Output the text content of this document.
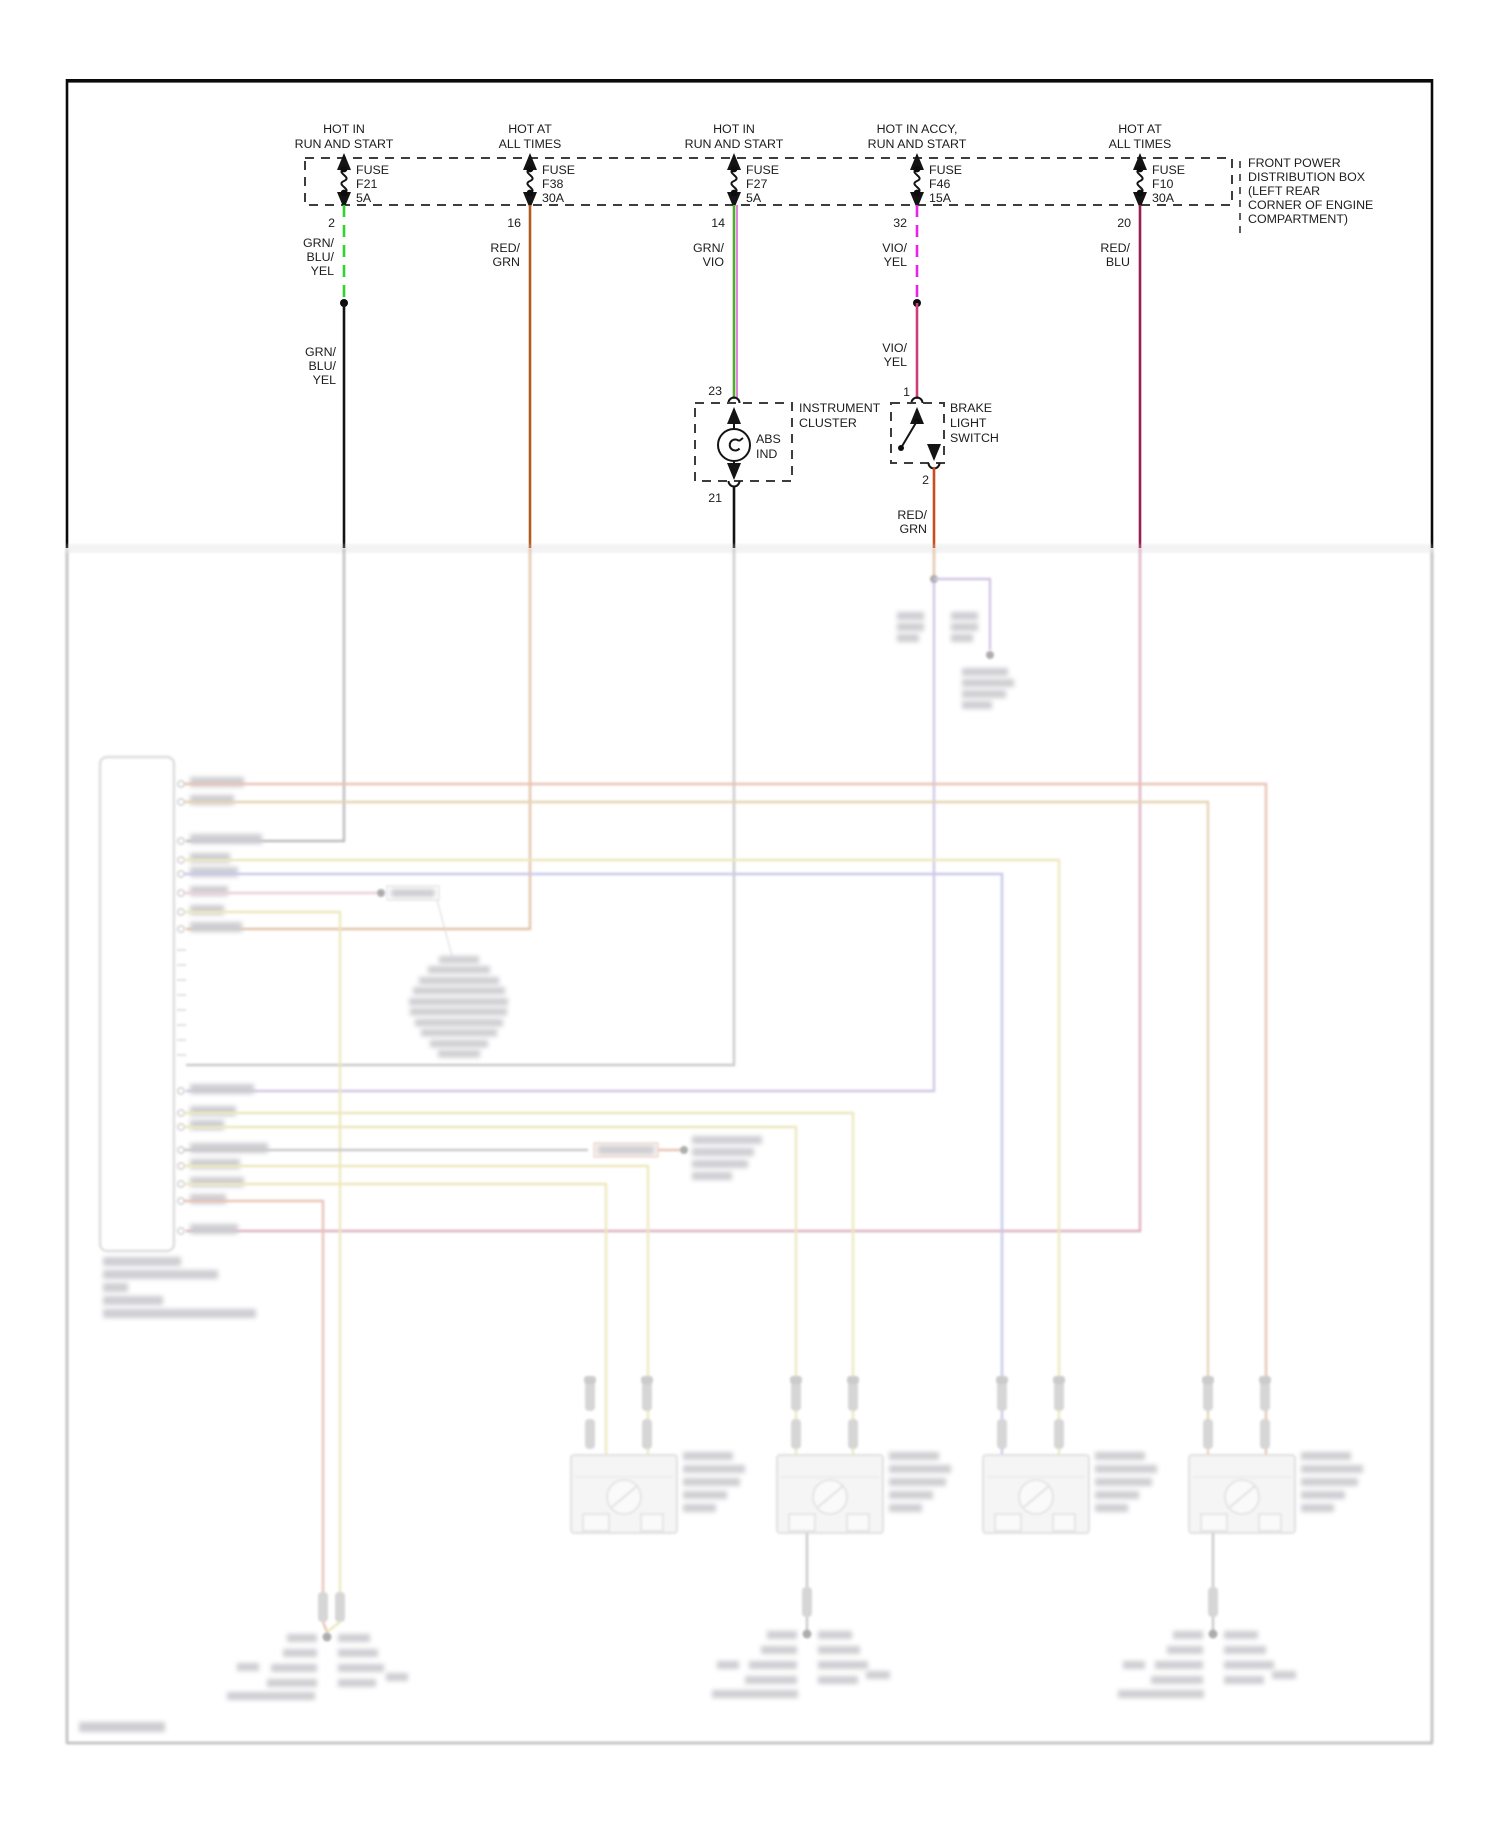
HOT IN
RUN AND START
FUSE
F21
5A
2
GRN/
BLU/
YEL
GRN/
BLU/
YEL
HOT AT
ALL TIMES
FUSE
F38
30A
16
RED/
GRN
HOT IN
RUN AND START
FUSE
F27
5A
14
GRN/
VIO
HOT IN ACCY,
RUN AND START
FUSE
F46
15A
32
VIO/
YEL
VIO/
YEL
HOT AT
ALL TIMES
FUSE
F10
30A
20
RED/
BLU
FRONT POWER
DISTRIBUTION BOX
(LEFT REAR
CORNER OF ENGINE
COMPARTMENT)
23
ABS
IND
INSTRUMENT
CLUSTER
21
1
BRAKE
LIGHT
SWITCH
2
RED/
GRN
